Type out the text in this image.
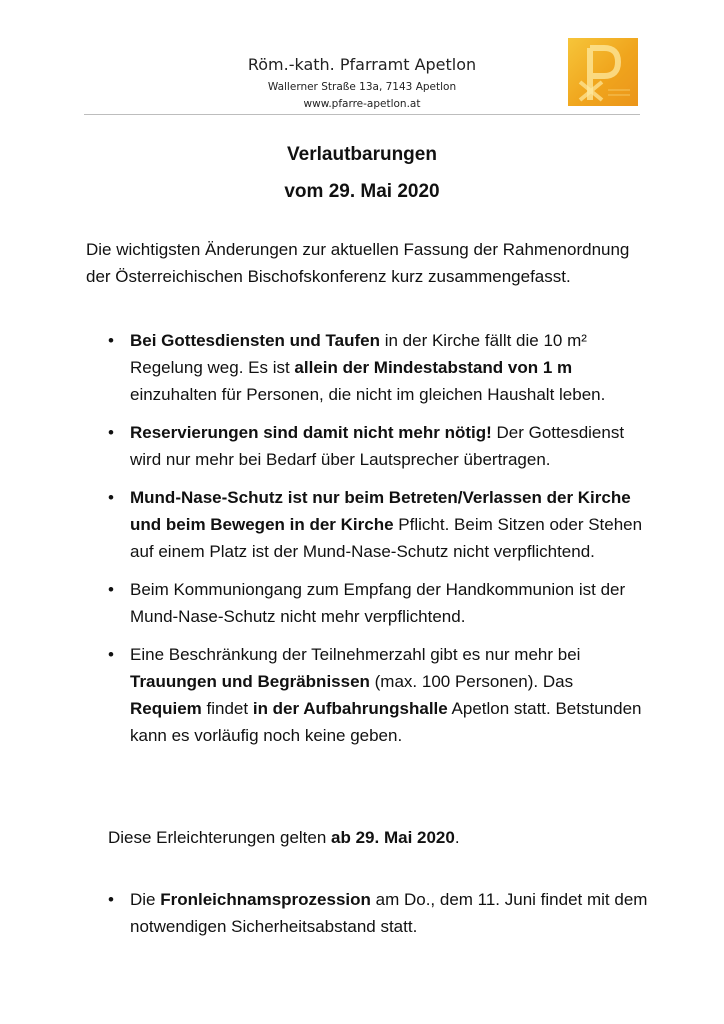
Röm.-kath. Pfarramt Apetlon
Wallerner Straße 13a, 7143 Apetlon
www.pfarre-apetlon.at
Verlautbarungen
vom 29. Mai 2020
Die wichtigsten Änderungen zur aktuellen Fassung der Rahmenordnung der Österreichischen Bischofskonferenz kurz zusammengefasst.
• Bei Gottesdiensten und Taufen in der Kirche fällt die 10 m² Regelung weg. Es ist allein der Mindestabstand von 1 m einzuhalten für Personen, die nicht im gleichen Haushalt leben.
• Reservierungen sind damit nicht mehr nötig! Der Gottesdienst wird nur mehr bei Bedarf über Lautsprecher übertragen.
• Mund-Nase-Schutz ist nur beim Betreten/Verlassen der Kirche und beim Bewegen in der Kirche Pflicht. Beim Sitzen oder Stehen auf einem Platz ist der Mund-Nase-Schutz nicht verpflichtend.
• Beim Kommuniongang zum Empfang der Handkommunion ist der Mund-Nase-Schutz nicht mehr verpflichtend.
• Eine Beschränkung der Teilnehmerzahl gibt es nur mehr bei Trauungen und Begräbnissen (max. 100 Personen). Das Requiem findet in der Aufbahrungshalle Apetlon statt. Betstunden kann es vorläufig noch keine geben.
Diese Erleichterungen gelten ab 29. Mai 2020.
• Die Fronleichnamsprozession am Do., dem 11. Juni findet mit dem notwendigen Sicherheitsabstand statt.
